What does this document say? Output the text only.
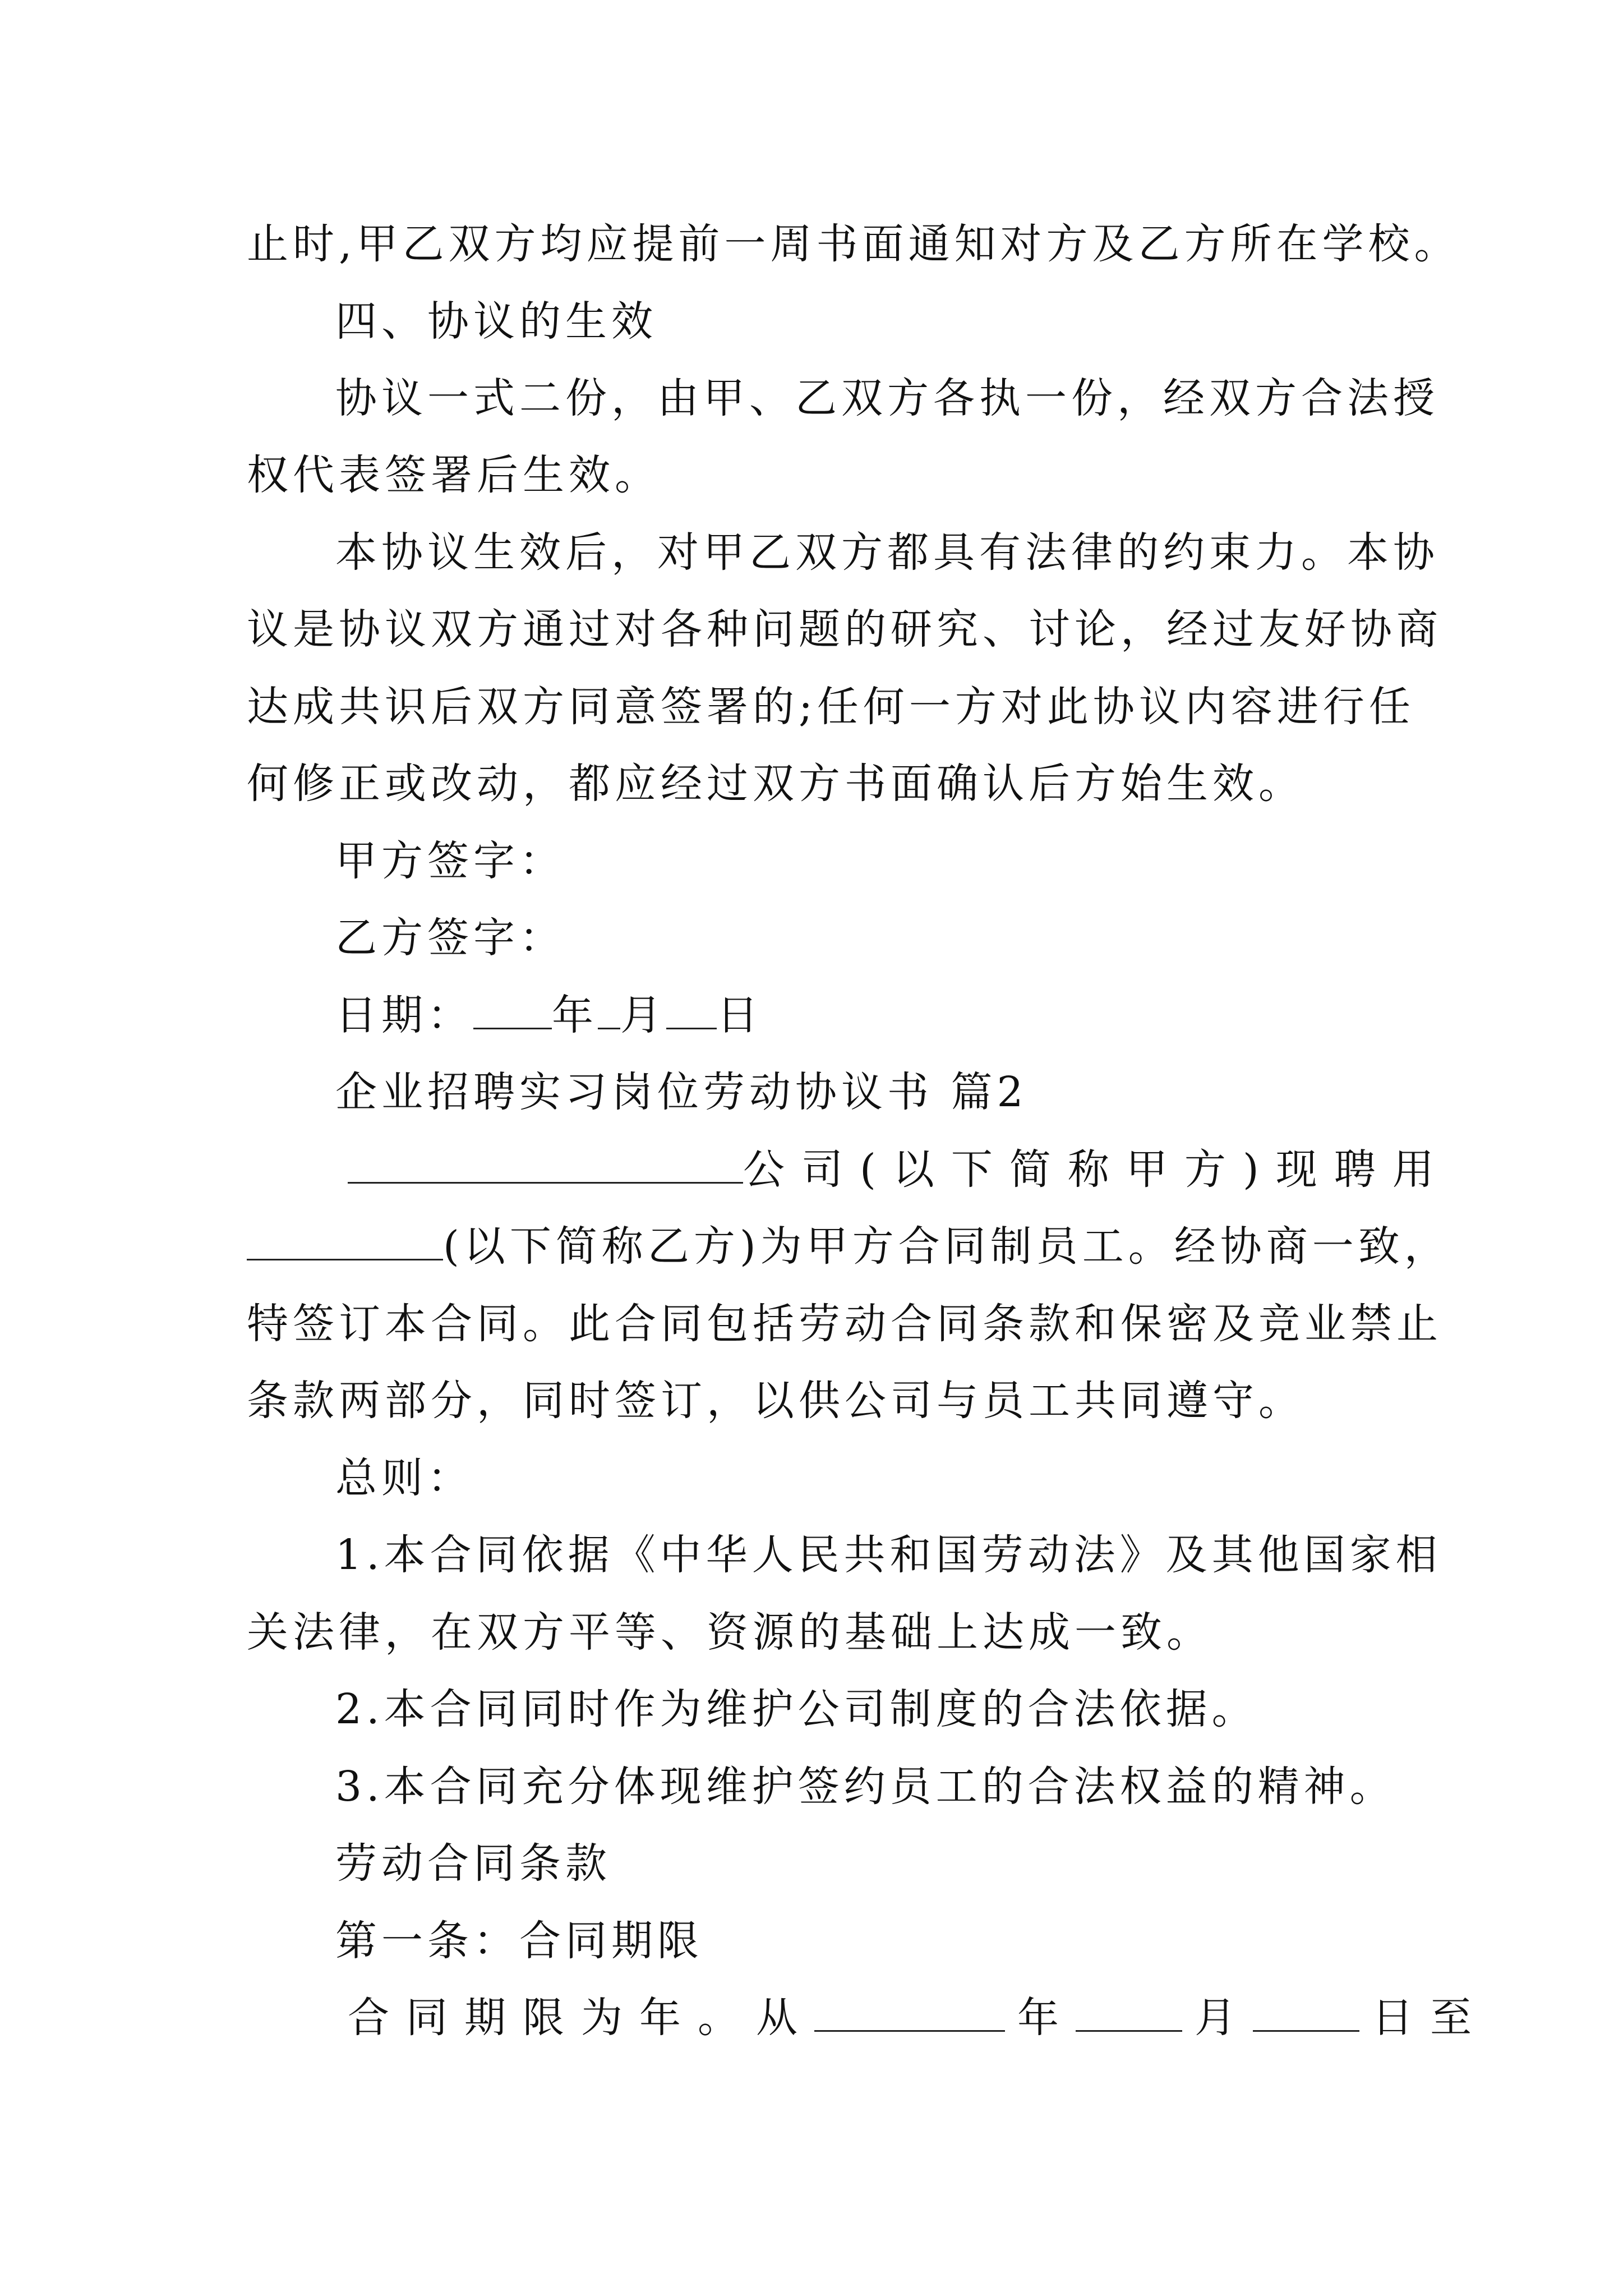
止时,甲乙双方均应提前一周书面通知对方及乙方所在学校。
四、协议的生效
协议一式二份，由甲、乙双方各执一份，经双方合法授
权代表签署后生效。
本协议生效后，对甲乙双方都具有法律的约束力。本协
议是协议双方通过对各种问题的研究、讨论，经过友好协商
达成共识后双方同意签署的;任何一方对此协议内容进行任
何修正或改动，都应经过双方书面确认后方始生效。
甲方签字：
乙方签字：
日期： 年 月 日
企业招聘实习岗位劳动协议书 篇2
公司(以下简称甲方)现聘用
(以下简称乙方)为甲方合同制员工。经协商一致，
特签订本合同。此合同包括劳动合同条款和保密及竞业禁止
条款两部分，同时签订，以供公司与员工共同遵守。
总则：
1.本合同依据《中华人民共和国劳动法》及其他国家相
关法律，在双方平等、资源的基础上达成一致。
2.本合同同时作为维护公司制度的合法依据。
3.本合同充分体现维护签约员工的合法权益的精神。
劳动合同条款
第一条：合同期限
合同期限为年。从	年	月	日至
